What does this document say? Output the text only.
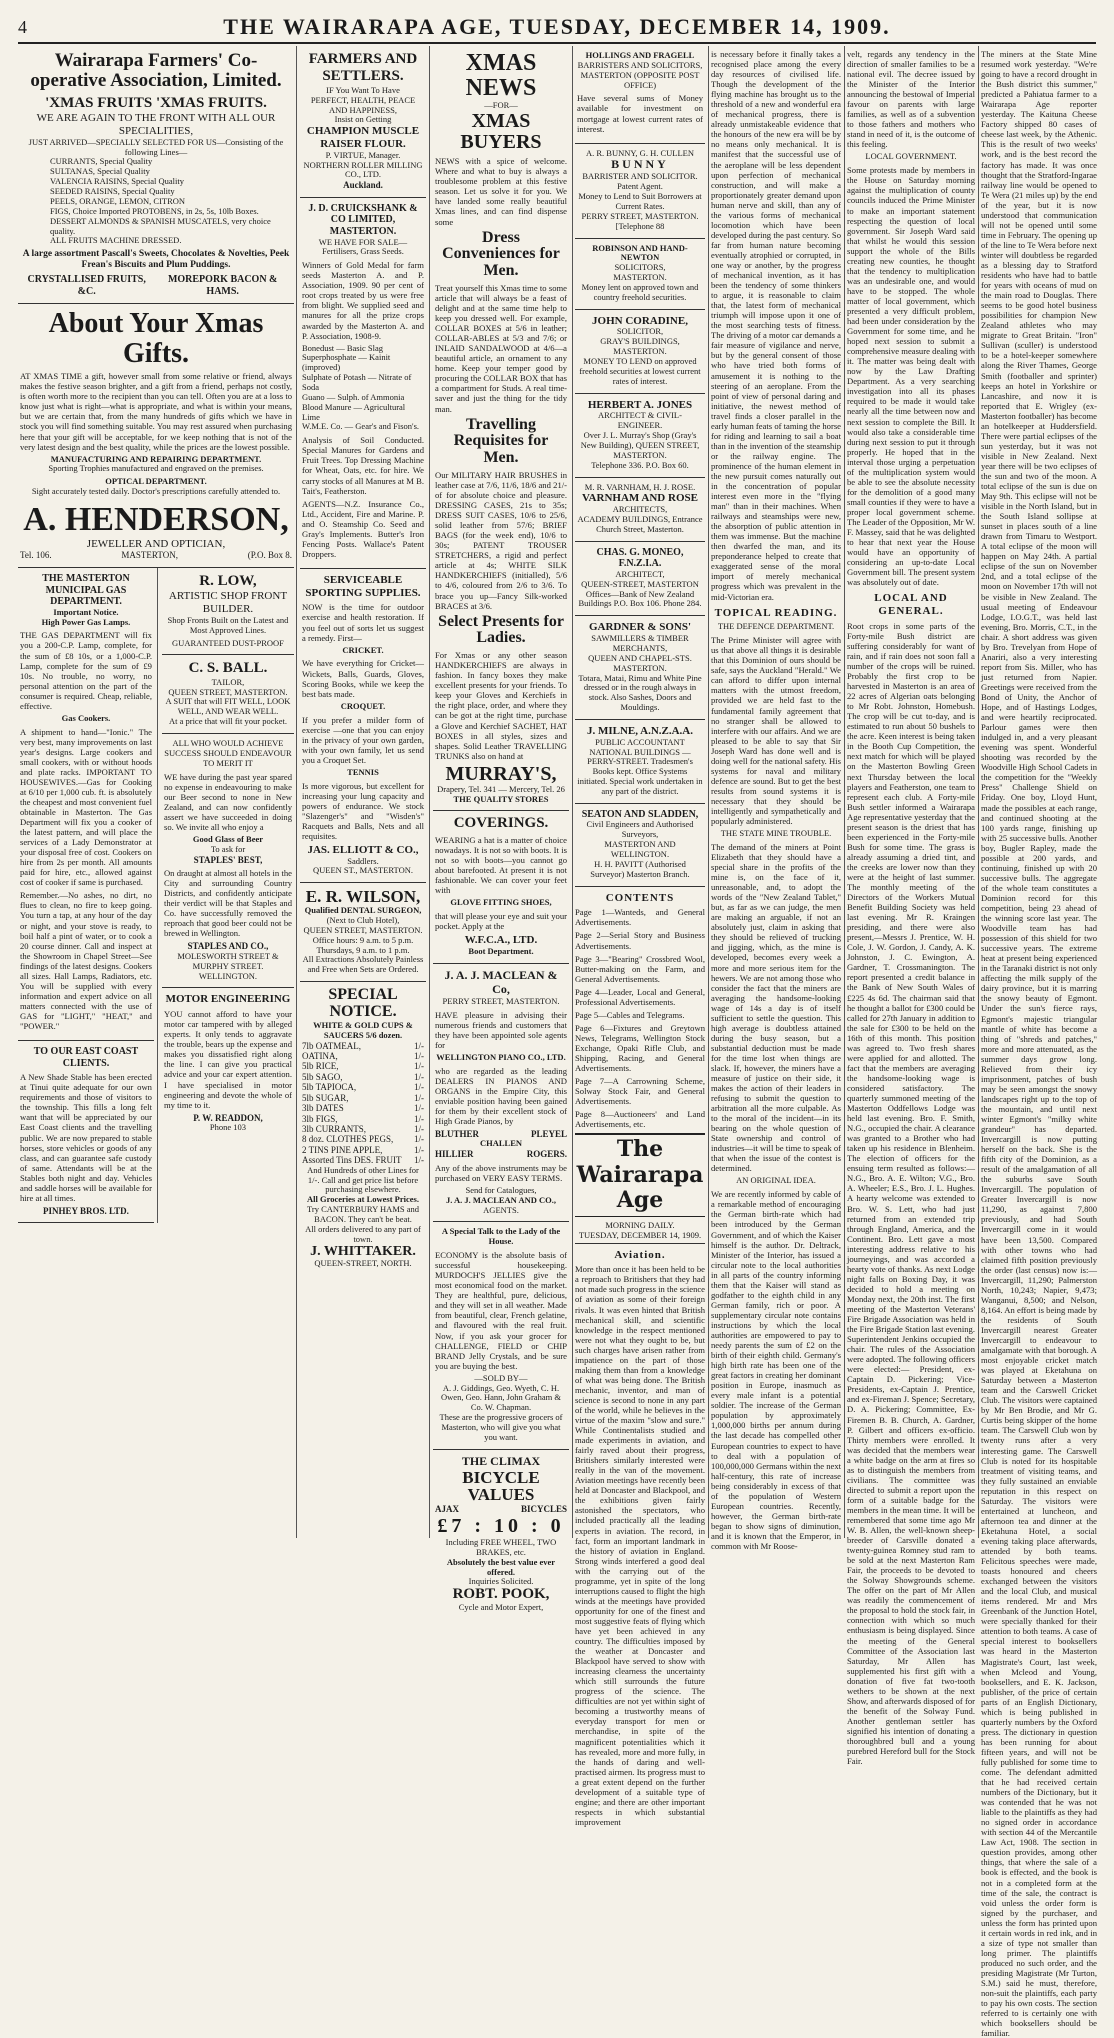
4	THE WAIRARAPA AGE, TUESDAY, DECEMBER 14, 1909.
Wairarapa Farmers' Co-operative Association, Limited.
'XMAS FRUITS 'XMAS FRUITS.
WE ARE AGAIN TO THE FRONT WITH ALL OUR SPECIALITIES,
JUST ARRIVED—SPECIALLY SELECTED FOR US—Consisting of the following Lines—
CURRANTS, Special Quality
SULTANAS, Special Quality
VALENCIA RAISINS, Special Quality
SEEDED RAISINS, Special Quality
PEELS, ORANGE, LEMON, CITRON
FIGS, Choice Imported PROTOBENS, in 2s, 5s, 10lb Boxes.
DESSERT ALMONDS & SPANISH MUSCATELS, very choice quality.
ALL FRUITS MACHINE DRESSED.
A large assortment Pascall's Sweets, Chocolates & Novelties, Peek Frean's Biscuits and Plum Puddings.
CRYSTALLISED FRUITS, &C.
MOREPORK BACON & HAMS.
About Your Xmas Gifts.
AT XMAS TIME a gift, however small from some relative or friend, always makes the festive season brighter, and a gift from a friend, perhaps not costly, is often worth more to the recipient than you can tell. Often you are at a loss to know just what is right—what is appropriate, and what is within your means, but we are certain that, from the many hundreds of gifts which we have in stock you will find something suitable. You may rest assured when purchasing here that your gift will be acceptable, for we keep nothing that is not of the very latest design and the best quality, while the prices are the lowest possible.
MANUFACTURING AND REPAIRING DEPARTMENT.
Sporting Trophies manufactured and engraved on the premises.
OPTICAL DEPARTMENT.
Sight accurately tested daily. Doctor's prescriptions carefully attended to.
A. HENDERSON,
JEWELLER AND OPTICIAN,
Tel. 106.	MASTERTON,	(P.O. Box 8.
THE MASTERTON MUNICIPAL GAS DEPARTMENT.
Important Notice.
High Power Gas Lamps.
THE GAS DEPARTMENT will fix you a 200-C.P. Lamp, complete, for the sum of £8 10s, or a 1,000-C.P. Lamp, complete for the sum of £9 10s. No trouble, no worry, no personal attention on the part of the consumer is required. Cheap, reliable, effective.
Gas Cookers.
A shipment to hand—"Ionic." The very best, many improvements on last year's designs. Large cookers and small cookers, with or without hoods and plate racks. IMPORTANT TO HOUSEWIVES.—Gas for Cooking at 6/10 per 1,000 cub. ft. is absolutely the cheapest and most convenient fuel obtainable in Masterton. The Gas Department will fix you a cooker of the latest pattern, and will place the services of a Lady Demonstrator at your disposal free of cost. Cookers on hire from 2s per month. All amounts paid for hire, etc., allowed against cost of cooker if same is purchased.
Remember.—No ashes, no dirt, no flues to clean, no fire to keep going. You turn a tap, at any hour of the day or night, and your stove is ready, to boil half a pint of water, or to cook a 20 course dinner. Call and inspect at the Showroom in Chapel Street—See findings of the latest designs. Cookers all sizes. Hall Lamps, Radiators, etc. You will be supplied with every information and expert advice on all matters connected with the use of GAS for "LIGHT," "HEAT," and "POWER."
TO OUR EAST COAST CLIENTS.
A New Shade Stable has been erected at Tinui quite adequate for our own requirements and those of visitors to the township. This fills a long felt want that will be appreciated by our East Coast clients and the travelling public. We are now prepared to stable horses, store vehicles or goods of any class, and can guarantee safe custody of same. Attendants will be at the Stables both night and day. Vehicles and saddle horses will be available for hire at all times.
PINHEY BROS. LTD.
R. LOW,
ARTISTIC SHOP FRONT BUILDER.
Shop Fronts Built on the Latest and Most Approved Lines.
GUARANTEED DUST-PROOF
C. S. BALL.
TAILOR,
QUEEN STREET, MASTERTON.
A SUIT that will FIT WELL, LOOK WELL, AND WEAR WELL.
At a price that will fit your pocket.
ALL WHO WOULD ACHIEVE SUCCESS SHOULD ENDEAVOUR TO MERIT IT
WE have during the past year spared no expense in endeavouring to make our Beer second to none in New Zealand, and can now confidently assert we have succeeded in doing so. We invite all who enjoy a
Good Glass of Beer
To ask for
STAPLES' BEST,
On draught at almost all hotels in the City and surrounding Country Districts, and confidently anticipate their verdict will be that Staples and Co. have successfully removed the reproach that good beer could not be brewed in Wellington.
STAPLES AND CO.,
MOLESWORTH STREET & MURPHY STREET.
WELLINGTON.
MOTOR ENGINEERING
YOU cannot afford to have your motor car tampered with by alleged experts. It only tends to aggravate the trouble, bears up the expense and makes you dissatisfied right along the line. I can give you practical advice and your car expert attention. I have specialised in motor engineering and devote the whole of my time to it.
P. W. READDON,
Phone 103
FARMERS AND SETTLERS.
IF You Want To Have
PERFECT, HEALTH, PEACE AND HAPPINESS,
Insist on Getting
CHAMPION MUSCLE RAISER FLOUR.
P. VIRTUE, Manager.
NORTHERN ROLLER MILLING CO., LTD.
Auckland.
J. D. CRUICKSHANK & CO LIMITED, MASTERTON.
WE HAVE FOR SALE—Fertilisers, Grass Seeds.
Winners of Gold Medal for farm seeds Masterton A. and P. Association, 1909. 90 per cent of root crops treated by us were free from blight. We supplied seed and manures for all the prize crops awarded by the Masterton A. and P. Association, 1908-9.
Bonedust — Basic Slag
Superphosphate — Kainit (improved)
Sulphate of Potash — Nitrate of Soda
Guano — Sulph. of Ammonia
Blood Manure — Agricultural Lime
W.M.E. Co. — Gear's and Fison's.
Analysis of Soil Conducted. Special Manures for Gardens and Fruit Trees. Top Dressing Machine for Wheat, Oats, etc. for hire. We carry stocks of all Manures at M B. Tait's, Featherston.
AGENTS—N.Z. Insurance Co., Ltd., Accident, Fire and Marine. P. and O. Steamship Co. Seed and Gray's Implements. Butter's Iron Fencing Posts. Wallace's Patent Droppers.
SERVICEABLE SPORTING SUPPLIES.
NOW is the time for outdoor exercise and health restoration. If you feel out of sorts let us suggest a remedy. First—
CRICKET.
We have everything for Cricket—Wickets, Balls, Guards, Gloves, Scoring Books, while we keep the best bats made.
CROQUET.
If you prefer a milder form of exercise —one that you can enjoy in the privacy of your own garden, with your own family, let us send you a Croquet Set.
TENNIS
Is more vigorous, but excellent for increasing your lung capacity and powers of endurance. We stock "Slazenger's" and "Wisden's" Racquets and Balls, Nets and all requisites.
JAS. ELLIOTT & CO.,
Saddlers.
QUEEN ST., MASTERTON.
E. R. WILSON,
Qualified DENTAL SURGEON,
(Next to Club Hotel),
QUEEN STREET, MASTERTON.
Office hours: 9 a.m. to 5 p.m. Thursdays, 9 a.m. to 1 p.m.
All Extractions Absolutely Painless and Free when Sets are Ordered.
SPECIAL NOTICE.
WHITE & GOLD CUPS & SAUCERS 5/6 dozen.
7lb OATMEAL,	1/-
OATINA,	1/-
5lb RICE,	1/-
5lb SAGO,	1/-
5lb TAPIOCA,	1/-
5lb SUGAR,	1/-
3lb DATES	1/-
3lb FIGS,	1/-
3lb CURRANTS,	1/-
8 doz. CLOTHES PEGS, 1/-
2 TINS PINE APPLE,	1/-
Assorted Tins DES. FRUIT 1/-
And Hundreds of other Lines for 1/-. Call and get price list before purchasing elsewhere.
All Groceries at Lowest Prices.
Try CANTERBURY HAMS and BACON. They can't be beat.
All orders delivered to any part of town.
J. WHITTAKER.
QUEEN-STREET, NORTH.
XMAS NEWS
—FOR—
XMAS BUYERS
NEWS with a spice of welcome. Where and what to buy is always a troublesome problem at this festive season. Let us solve it for you. We have landed some really beautiful Xmas lines, and can find dispense some
Dress Conveniences for Men.
Treat yourself this Xmas time to some article that will always be a feast of delight and at the same time help to keep you dressed well. For example, COLLAR BOXES at 5/6 in leather; COLLAR-ABLES at 5/3 and 7/6; or INLAID SANDALWOOD at 4/6—a beautiful article, an ornament to any home. Keep your temper good by procuring the COLLAR BOX that has a compartment for Studs. A real time-saver and just the thing for the tidy man.
Travelling Requisites for Men.
Our MILITARY HAIR BRUSHES in leather case at 7/6, 11/6, 18/6 and 21/- of for absolute choice and pleasure. DRESSING CASES, 21s to 35s; DRESS SUIT CASES, 10/6 to 25/6, solid leather from 57/6; BRIEF BAGS (for the week end), 10/6 to 30s; PATENT TROUSER STRETCHERS, a rigid and perfect article at 4s; WHITE SILK HANDKERCHIEFS (initialled), 5/6 to 4/6, coloured from 2/6 to 3/6. To brace you up—Fancy Silk-worked BRACES at 3/6.
Select Presents for Ladies.
For Xmas or any other season HANDKERCHIEFS are always in fashion. In fancy boxes they make excellent presents for your friends. To keep your Gloves and Kerchiefs in the right place, order, and where they can be got at the right time, purchase a Glove and Kerchief SACHET, HAT BOXES in all styles, sizes and shapes. Solid Leather TRAVELLING TRUNKS also on hand at
MURRAY'S,
Drapery, Tel. 341 — Mercery, Tel. 26
THE QUALITY STORES
COVERINGS.
WEARING a hat is a matter of choice nowadays. It is not so with boots. It is not so with boots—you cannot go about barefooted. At present it is not fashionable. We can cover your feet with
GLOVE FITTING SHOES,
that will please your eye and suit your pocket. Apply at the
W.F.C.A., LTD.
Boot Department.
J. A. J. MACLEAN & Co,
PERRY STREET, MASTERTON.
HAVE pleasure in advising their numerous friends and customers that they have been appointed sole agents for
WELLINGTON PIANO CO., LTD.
who are regarded as the leading DEALERS IN PIANOS AND ORGANS in the Empire City, this enviable position having been gained for them by their excellent stock of High Grade Pianos, by
BLUTHER	PLEYEL
CHALLEN
HILLIER	ROGERS.
Any of the above instruments may be purchased on VERY EASY TERMS.
Send for Catalogues,
J. A. J. MACLEAN AND CO.,
AGENTS.
A Special Talk to the Lady of the House.
ECONOMY is the absolute basis of successful housekeeping. MURDOCH'S JELLIES give the most economical food on the market. They are healthful, pure, delicious, and they will set in all weather. Made from beautiful, clear, French gelatine, and flavoured with the real fruit. Now, if you ask your grocer for CHALLENGE, FIELD or CHIP BRAND Jelly Crystals, and be sure you are buying the best.
—SOLD BY—
A. J. Giddings, Geo. Wyeth, C. H. Owen, Geo. Hann, John Graham & Co. W. Chapman.
These are the progressive grocers of Masterton, who will give you what you want.
THE CLIMAX
BICYCLE VALUES
AJAX	BICYCLES
£7 : 10 : 0
Including FREE WHEEL, TWO BRAKES, etc.
Absolutely the best value ever offered.
Inquiries Solicited.
ROBT. POOK,
Cycle and Motor Expert,
HOLLINGS AND FRAGELL
BARRISTERS AND SOLICITORS,
MASTERTON (OPPOSITE POST OFFICE)
Have several sums of Money available for investment on mortgage at lowest current rates of interest.
A. R. BUNNY, G. H. CULLEN
BUNNY
BARRISTER AND SOLICITOR.
Patent Agent.
Money to Lend to Suit Borrowers at Current Rates.
PERRY STREET, MASTERTON.
[Telephone 88
ROBINSON AND HAND-NEWTON
SOLICITORS,
MASTERTON.
Money lent on approved town and country freehold securities.
JOHN CORADINE,
SOLICITOR,
GRAY'S BUILDINGS, MASTERTON.
MONEY TO LEND on approved freehold securities at lowest current rates of interest.
HERBERT A. JONES
ARCHITECT & CIVIL-ENGINEER.
Over J. L. Murray's Shop (Gray's New Building), QUEEN STREET, MASTERTON.
Telephone 336. P.O. Box 60.
M. R. VARNHAM, H. J. ROSE.
VARNHAM AND ROSE
ARCHITECTS,
ACADEMY BUILDINGS, Entrance Church Street, Masterton.
CHAS. G. MONEO, F.N.Z.I.A.
ARCHITECT,
QUEEN-STREET, MASTERTON
Offices—Bank of New Zealand Buildings P.O. Box 106. Phone 284.
GARDNER & SONS'
SAWMILLERS & TIMBER MERCHANTS,
QUEEN AND CHAPEL-STS. MASTERTON.
Totara, Matai, Rimu and White Pine dressed or in the rough always in stock. Also Sashes, Doors and Mouldings.
J. MILNE, A.N.Z.A.A.
PUBLIC ACCOUNTANT
NATIONAL BUILDINGS — PERRY-STREET. Tradesmen's Books kept. Office Systems initiated. Special work undertaken in any part of the district.
SEATON AND SLADDEN,
Civil Engineers and Authorised Surveyors,
MASTERTON AND WELLINGTON.
H. H. PAVITT (Authorised Surveyor) Masterton Branch.
CONTENTS
Page 1—Wanteds, and General Advertisements.
Page 2—Serial Story and Business Advertisements.
Page 3—"Bearing" Crossbred Wool, Butter-making on the Farm, and General Advertisements.
Page 4—Leader, Local and General, Professional Advertisements.
Page 5—Cables and Telegrams.
Page 6—Fixtures and Greytown News, Telegrams, Wellington Stock Exchange, Opaki Rifle Club, and Shipping, Racing, and General Advertisements.
Page 7—A Carrowning Scheme, Solway Stock Fair, and General Advertisements.
Page 8—Auctioneers' and Land Advertisements, etc.
The Wairarapa Age
MORNING DAILY.
TUESDAY, DECEMBER 14, 1909.
Aviation.
More than once it has been held to be a reproach to Britishers that they had not made such progress in the science of aviation as some of their foreign rivals. It was even hinted that British mechanical skill, and scientific knowledge in the respect mentioned were not what they ought to be, but such charges have arisen rather from impatience on the part of those making them than from a knowledge of what was being done. The British mechanic, inventor, and man of science is second to none in any part of the world, while he believes in the virtue of the maxim "slow and sure." While Continentalists studied and made experiments in aviation, and fairly raved about their progress, Britishers similarly interested were really in the van of the movement. Aviation meetings have recently been held at Doncaster and Blackpool, and the exhibitions given fairly astonished the spectators, who included practically all the leading experts in aviation. The record, in fact, form an important landmark in the history of aviation in England. Strong winds interfered a good deal with the carrying out of the programme, yet in spite of the long interruptions caused to flight the high winds at the meetings have provided opportunity for one of the finest and most suggestive feats of flying which have yet been achieved in any country. The difficulties imposed by the weather at Doncaster and Blackpool have served to show with increasing clearness the uncertainty which still surrounds the future progress of the science. The difficulties are not yet within sight of becoming a trustworthy means of everyday transport for men or merchandise, in spite of the magnificent potentialities which it has revealed, more and more fully, in the hands of daring and well-practised airmen. Its progress must to a great extent depend on the further development of a suitable type of engine; and there are other important respects in which substantial improvement
is necessary before it finally takes a recognised place among the every day resources of civilised life. Though the development of the flying machine has brought us to the threshold of a new and wonderful era of mechanical progress, there is already unmistakeable evidence that the honours of the new era will be by no means only mechanical. It is manifest that the successful use of the aeroplane will be less dependent upon perfection of mechanical construction, and will make a proportionately greater demand upon human nerve and skill, than any of the various forms of mechanical locomotion which have been developed during the past century. So far from human nature becoming eventually atrophied or corrupted, in one way or another, by the progress of mechanical invention, as it has been the tendency of some thinkers to argue, it is reasonable to claim that, the latest form of mechanical triumph will impose upon it one of the most searching tests of fitness. The driving of a motor car demands a fair measure of vigilance and nerve, but by the general consent of those who have tried both forms of amusement it is nothing to the steering of an aeroplane. From the point of view of personal daring and initiative, the newest method of travel finds a closer parallel in the early human feats of taming the horse for riding and learning to sail a boat than in the invention of the steamship or the railway engine. The prominence of the human element in the new pursuit comes naturally out in the concentration of popular interest even more in the "flying man" than in their machines. When railways and steamships were new, the absorption of public attention in them was immense. But the machine then dwarfed the man, and its preponderance helped to create that exaggerated sense of the moral import of merely mechanical progress which was prevalent in the mid-Victorian era.
TOPICAL READING.
THE DEFENCE DEPARTMENT.
The Prime Minister will agree with us that above all things it is desirable that this Dominion of ours should be safe, says the Auckland "Herald." We can afford to differ upon internal matters with the utmost freedom, provided we are held fast to the fundamental family agreement that no stranger shall be allowed to interfere with our affairs. And we are pleased to be able to say that Sir Joseph Ward has done well and is doing well for the national safety. His systems for naval and military defence are sound. But to get the best results from sound systems it is necessary that they should be intelligently and sympathetically and popularly administered.
THE STATE MINE TROUBLE.
The demand of the miners at Point Elizabeth that they should have a special share in the profits of the mine is, on the face of it, unreasonable, and, to adopt the words of the "New Zealand Tablet," but, as far as we can judge, the men are making an arguable, if not an absolutely just, claim in asking that they should be relieved of trucking and jigging, which, as the mine is developed, becomes every week a more and more serious item for the hewers. We are not among those who consider the fact that the miners are averaging the handsome-looking wage of 14s a day is of itself sufficient to settle the question. This high average is doubtless attained during the busy season, but a substantial deduction must be made for the time lost when things are slack. If, however, the miners have a measure of justice on their side, it makes the action of their leaders in refusing to submit the question to arbitration all the more culpable. As to the moral of the incident—in its bearing on the whole question of State ownership and control of industries—it will be time to speak of that when the issue of the contest is determined.
AN ORIGINAL IDEA.
We are recently informed by cable of a remarkable method of encouraging the German birth-rate which had been introduced by the German Government, and of which the Kaiser himself is the author. Dr. Deltrack, Minister of the Interior, has issued a circular note to the local authorities in all parts of the country informing them that the Kaiser will stand as godfather to the eighth child in any German family, rich or poor. A supplementary circular note contains instructions by which the local authorities are empowered to pay to needy parents the sum of £2 on the birth of their eighth child. Germany's high birth rate has been one of the great factors in creating her dominant position in Europe, inasmuch as every male infant is a potential soldier. The increase of the German population by approximately 1,000,000 births per annum during the last decade has compelled other European countries to expect to have to deal with a population of 100,000,000 Germans within the next half-century, this rate of increase being considerably in excess of that of the population of Western European countries. Recently, however, the German birth-rate began to show signs of diminution, and it is known that the Emperor, in common with Mr Roose-
velt, regards any tendency in the direction of smaller families to be a national evil. The decree issued by the Minister of the Interior announcing the bestowal of Imperial favour on parents with large families, as well as of a subvention to those fathers and mothers who stand in need of it, is the outcome of this feeling.
LOCAL GOVERNMENT.
Some protests made by members in the House on Saturday morning against the multiplication of county councils induced the Prime Minister to make an important statement respecting the question of local government. Sir Joseph Ward said that whilst he would this session support the whole of the Bills creating new counties, he thought that the tendency to multiplication was an undesirable one, and would have to be stopped. The whole matter of local government, which presented a very difficult problem, had been under consideration by the Government for some time, and he hoped next session to submit a comprehensive measure dealing with it. The matter was being dealt with now by the Law Drafting Department. As a very searching investigation into all its phases required to be made it would take nearly all the time between now and next session to complete the Bill. It would also take a considerable time during next session to put it through properly. He hoped that in the interval those urging a perpetuation of the multiplication system would be able to see the absolute necessity for the demolition of a good many small counties if they were to have a proper local government scheme. The Leader of the Opposition, Mr W. F. Massey, said that he was delighted to hear that next year the House would have an opportunity of considering an up-to-date Local Government bill. The present system was absolutely out of date.
LOCAL AND GENERAL.
Root crops in some parts of the Forty-mile Bush district are suffering considerably for want of rain, and if rain does not soon fall a number of the crops will be ruined. Probably the first crop to be harvested in Masterton is an area of 22 acres of Algerian oats belonging to Mr Robt. Johnston, Homebush. The crop will be cut to-day, and is estimated to run about 50 bushels to the acre. Keen interest is being taken in the Booth Cup Competition, the next match for which will be played on the Masterton Bowling Green next Thursday between the local players and Featherston, one team to represent each club. A Forty-mile Bush settler informed a Wairarapa Age representative yesterday that the present season is the driest that has been experienced in the Forty-mile Bush for some time. The grass is already assuming a dried tint, and the creeks are lower now than they were at the height of last summer. The monthly meeting of the Directors of the Workers Mutual Benefit Building Society was held last evening. Mr R. Kraingen presiding, and there were also present,—Messrs J. Prentice, W. H. Cole, J. W. Gordon, J. Candy, A. K. Johnston, J. C. Ewington, A. Gardner, T. Crossmanington. The report presented a credit balance in the Bank of New South Wales of £225 4s 6d. The chairman said that he thought a ballot for £300 could be called for 27th January in addition to the sale for £300 to be held on the 16th of this month. This position was agreed to. Two fresh shares were applied for and allotted. The fact that the members are averaging the handsome-looking wage is considered satisfactory. The quarterly summoned meeting of the Masterton Oddfellows Lodge was held last evening. Bro. F. Smith, N.G., occupied the chair. A clearance was granted to a Brother who had taken up his residence in Blenheim. The election of officers for the ensuing term resulted as follows:— N.G., Bro. A. E. Wilton; V.G., Bro. A. Wheeler; E.S., Bro. J. L. Hughes. A hearty welcome was extended to Bro. W. S. Lett, who had just returned from an extended trip through England, America, and the Continent. Bro. Lett gave a most interesting address relative to his journeyings, and was accorded a hearty vote of thanks. As next Lodge night falls on Boxing Day, it was decided to hold a meeting on Monday next, the 20th inst. The first meeting of the Masterton Veterans' Fire Brigade Association was held in the Fire Brigade Station last evening. Superintendent Jenkins occupied the chair. The rules of the Association were adopted. The following officers were elected:— President, ex-Captain D. Pickering; Vice-Presidents, ex-Captain J. Prentice, and ex-Fireman J. Spence; Secretary, D. A. Pickering; Committee, Ex-Firemen B. B. Church, A. Gardner, P. Gilbert and officers ex-officio. Thirty members were enrolled. It was decided that the members wear a white badge on the arm at fires so as to distinguish the members from civilians. The committee was directed to submit a report upon the form of a suitable badge for the members in the mean time. It will be remembered that some time ago Mr W. B. Allen, the well-known sheep-breeder of Carsville donated a twenty-guinea Romney stud ram to be sold at the next Masterton Ram Fair, the proceeds to be devoted to the Solway Showgrounds scheme. The offer on the part of Mr Allen was readily the commencement of the proposal to hold the stock fair, in connection with which so much enthusiasm is being displayed. Since the meeting of the General Committee of the Association last Saturday, Mr Allen has supplemented his first gift with a donation of five fat two-tooth wethers to be shown at the next Show, and afterwards disposed of for the benefit of the Solway Fund. Another gentleman settler has signified his intention of donating a thoroughbred bull and a young purebred Hereford bull for the Stock Fair.
The miners at the State Mine resumed work yesterday. "We're going to have a record drought in the Bush district this summer," predicted a Pahiatua farmer to a Wairarapa Age reporter yesterday. The Kaituna Cheese Factory shipped 80 cases of cheese last week, by the Athenic. This is the result of two weeks' work, and is the best record the factory has made. It was once thought that the Stratford-Ingarae railway line would be opened to Te Wera (21 miles up) by the end of the year, but it is now understood that communication will not be opened until some time in February. The opening up of the line to Te Wera before next winter will doubtless be regarded as a blessing day to Stratford residents who have had to battle for years with oceans of mud on the main road to Douglas. There seems to be good hotel business possibilities for champion New Zealand athletes who may migrate to Great Britain. "Iron" Sullivan (sculler) is understood to be a hotel-keeper somewhere along the River Thames, George Smith (footballer and sprinter) keeps an hotel in Yorkshire or Lancashire, and now it is reported that E. Wrigley (ex-Masterton footballer) has become an hotelkeeper at Huddersfield. There were partial eclipses of the sun yesterday, but it was not visible in New Zealand. Next year there will be two eclipses of the sun and two of the moon. A total eclipse of the sun is due on May 9th. This eclipse will not be visible in the North Island, but in the South Island sollipse at sunset in places south of a line drawn from Timaru to Westport. A total eclipse of the moon will happen on May 24th. A partial eclipse of the sun on November 2nd, and a total eclipse of the moon on November 17th will not be visible in New Zealand. The usual meeting of Endeavour Lodge, I.O.G.T., was held last evening, Bro. Morris, C.T., in the chair. A short address was given by Bro. Trevelyan from Hope of Anariri, also a very interesting report from Sis. Miller, who has just returned from Napier. Greetings were received from the Bond of Unity, the Anchor of Hope, and of Hastings Lodges, and were heartily reciprocated. Parlour games were then indulged in, and a very pleasant evening was spent. Wonderful shooting was recorded by the Woodville High School Cadets in the competition for the "Weekly Press" Challenge Shield on Friday. One boy, Lloyd Hunt, made the possibles at each range, and continued shooting at the 100 yards range, finishing up with 25 successive bulls. Another boy, Bugler Rapley, made the possible at 200 yards, and continuing, finished up with 20 successive bulls. The aggregate of the whole team constitutes a Dominion record for this competition, being 23 ahead of the winning score last year. The Woodville team has had possession of this shield for two successive years. The extreme heat at present being experienced in the Taranaki district is not only affecting the milk supply of the dairy province, but it is marring the snowy beauty of Egmont. Under the sun's fierce rays, Egmont's majestic triangular mantle of white has become a thing of "shreds and patches," more and more attenuated, as the summer days grow long. Relieved from their icy imprisonment, patches of bush may be seen amongst the snowy landscapes right up to the top of the mountain, and until next winter Egmont's "milky white grandeur" has departed. Invercargill is now putting herself on the back. She is the fifth city of the Dominion, as a result of the amalgamation of all the suburbs save South Invercargill. The population of Greater Invercargill is now 11,290, as against 7,800 previously, and had South Invercargill come in it would have been 13,500. Compared with other towns who had claimed fifth position previously the order (last census) now is:—Invercargill, 11,290; Palmerston North, 10,243; Napier, 9,473; Wanganui, 8,500; and Nelson, 8,164. An effort is being made by the residents of South Invercargill nearest Greater Invercargill to endeavour to amalgamate with that borough. A most enjoyable cricket match was played at Eketahuna on Saturday between a Masterton team and the Carswell Cricket Club. The visitors were captained by Mr Ben Brodie, and Mr G. Curtis being skipper of the home team. The Carswell Club won by twenty runs after a very interesting game. The Carswell Club is noted for its hospitable treatment of visiting teams, and they fully sustained an enviable reputation in this respect on Saturday. The visitors were entertained at luncheon, and afternoon tea and dinner at the Eketahuna Hotel, a social evening taking place afterwards, attended by both teams. Felicitous speeches were made, toasts honoured and cheers exchanged between the visitors and the local Club, and musical items rendered. Mr and Mrs Greenbank of the Junction Hotel, were specially thanked for their attention to both teams. A case of special interest to booksellers was heard in the Masterton Magistrate's Court, last week, when Mcleod and Young, booksellers, and E. K. Jackson, publisher, of the price of certain parts of an English Dictionary, which is being published in quarterly numbers by the Oxford press. The dictionary in question has been running for about fifteen years, and will not be fully published for some time to come. The defendant admitted that he had received certain numbers of the Dictionary, but it was contended that he was not liable to the plaintiffs as they had no signed order in accordance with section 44 of the Mercantile Law Act, 1908. The section in question provides, among other things, that where the sale of a book is effected, and the book is not in a completed form at the time of the sale, the contract is void unless the order form is signed by the purchaser, and unless the form has printed upon it certain words in red ink, and in a size of type not smaller than long primer. The plaintiffs produced no such order, and the presiding Magistrate (Mr Turton, S.M.) said he must, therefore, non-suit the plaintiffs, each party to pay his own costs. The section referred to is certainly one with which booksellers should be familiar.
